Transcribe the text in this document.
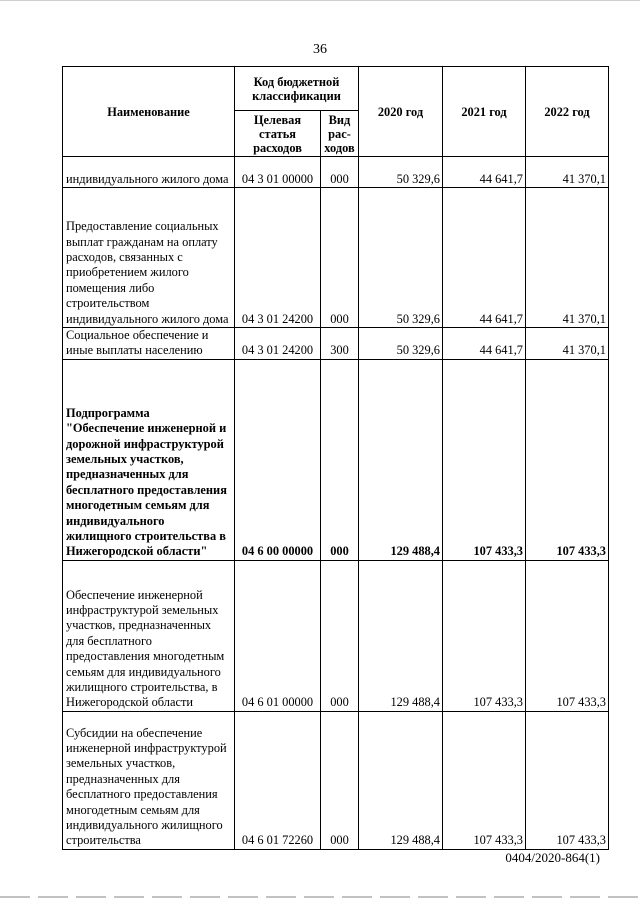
36
Наименование	Код бюджетной классификации		2020 год	2021 год	2022 год
	Целевая статья расходов	Вид рас-ходов			
индивидуального жилого дома	04 3 01 00000	000	50 329,6	44 641,7	41 370,1
Предоставление социальных выплат гражданам на оплату расходов, связанных с приобретением жилого помещения либо строительством индивидуального жилого дома	04 3 01 24200	000	50 329,6	44 641,7	41 370,1
Социальное обеспечение и иные выплаты населению	04 3 01 24200	300	50 329,6	44 641,7	41 370,1
Подпрограмма "Обеспечение инженерной и дорожной инфраструктурой земельных участков, предназначенных для бесплатного предоставления многодетным семьям для индивидуального жилищного строительства в Нижегородской области"	04 6 00 00000	000	129 488,4	107 433,3	107 433,3
Обеспечение инженерной инфраструктурой земельных участков, предназначенных для бесплатного предоставления многодетным семьям для индивидуального жилищного строительства, в Нижегородской области	04 6 01 00000	000	129 488,4	107 433,3	107 433,3
Субсидии на обеспечение инженерной инфраструктурой земельных участков, предназначенных для бесплатного предоставления многодетным семьям для индивидуального жилищного строительства	04 6 01 72260	000	129 488,4	107 433,3	107 433,3
0404/2020-864(1)
